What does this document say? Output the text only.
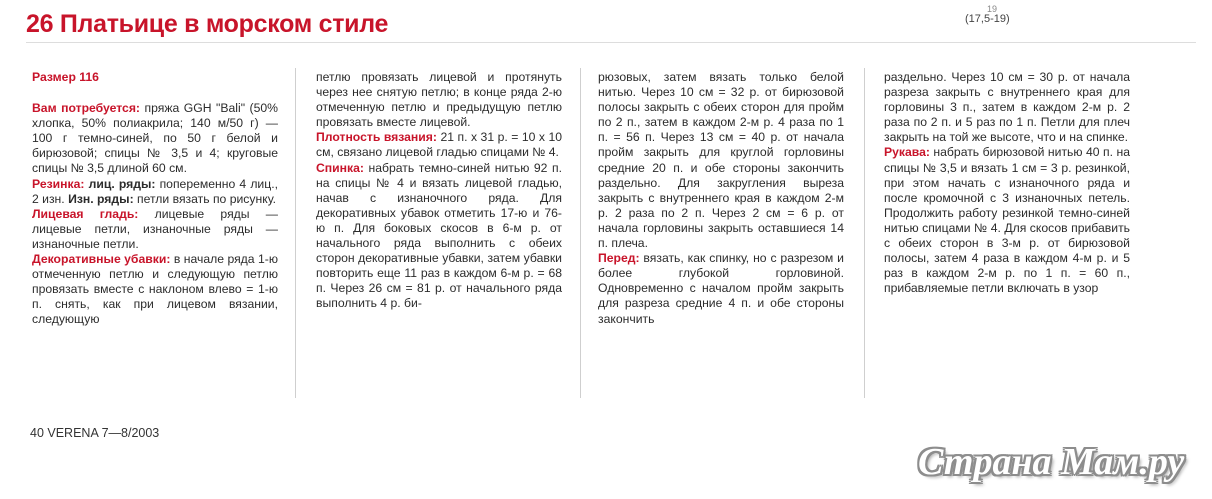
26 Платьице в морском стиле
19
(17,5-19)

Размер 116

Вам потребуется: пряжа GGH "Bali" (50% хлопка, 50% полиакрила; 140 м/50 г) — 100 г темно-синей, по 50 г белой и бирюзовой; спицы № 3,5 и 4; круговые спицы № 3,5 длиной 60 см.

Резинка: лиц. ряды: попеременно 4 лиц., 2 изн. Изн. ряды: петли вязать по рисунку.

Лицевая гладь: лицевые ряды — лицевые петли, изнаночные ряды — изнаночные петли.

Декоративные убавки: в начале ряда 1-ю отмеченную петлю и следующую петлю провязать вместе с наклоном влево = 1-ю п. снять, как при лицевом вязании, следующую

петлю провязать лицевой и протянуть через нее снятую петлю; в конце ряда 2-ю отмеченную петлю и предыдущую петлю провязать вместе лицевой.

Плотность вязания: 21 п. х 31 р. = 10 х 10 см, связано лицевой гладью спицами № 4.

Спинка: набрать темно-синей нитью 92 п. на спицы № 4 и вязать лицевой гладью, начав с изнаночного ряда. Для декоративных убавок отметить 17-ю и 76-ю п. Для боковых скосов в 6-м р. от начального ряда выполнить с обеих сторон декоративные убавки, затем убавки повторить еще 11 раз в каждом 6-м р. = 68 п. Через 26 см = 81 р. от начального ряда выполнить 4 р. би-

рюзовых, затем вязать только белой нитью. Через 10 см = 32 р. от бирюзовой полосы закрыть с обеих сторон для пройм по 2 п., затем в каждом 2-м р. 4 раза по 1 п. = 56 п. Через 13 см = 40 р. от начала пройм закрыть для круглой горловины средние 20 п. и обе стороны закончить раздельно. Для закругления выреза закрыть с внутреннего края в каждом 2-м р. 2 раза по 2 п. Через 2 см = 6 р. от начала горловины закрыть оставшиеся 14 п. плеча.

Перед: вязать, как спинку, но с разрезом и более глубокой горловиной. Одновременно с началом пройм закрыть для разреза средние 4 п. и обе стороны закончить

раздельно. Через 10 см = 30 р. от начала разреза закрыть с внутреннего края для горловины 3 п., затем в каждом 2-м р. 2 раза по 2 п. и 5 раз по 1 п. Петли для плеч закрыть на той же высоте, что и на спинке.

Рукава: набрать бирюзовой нитью 40 п. на спицы № 3,5 и вязать 1 см = 3 р. резинкой, при этом начать с изнаночного ряда и после кромочной с 3 изнаночных петель. Продолжить работу резинкой темно-синей нитью спицами № 4. Для скосов прибавить с обеих сторон в 3-м р. от бирюзовой полосы, затем 4 раза в каждом 4-м р. и 5 раз в каждом 2-м р. по 1 п. = 60 п., прибавляемые петли включать в узор

40 VERENA 7—8/2003
Страна Мам.ру
